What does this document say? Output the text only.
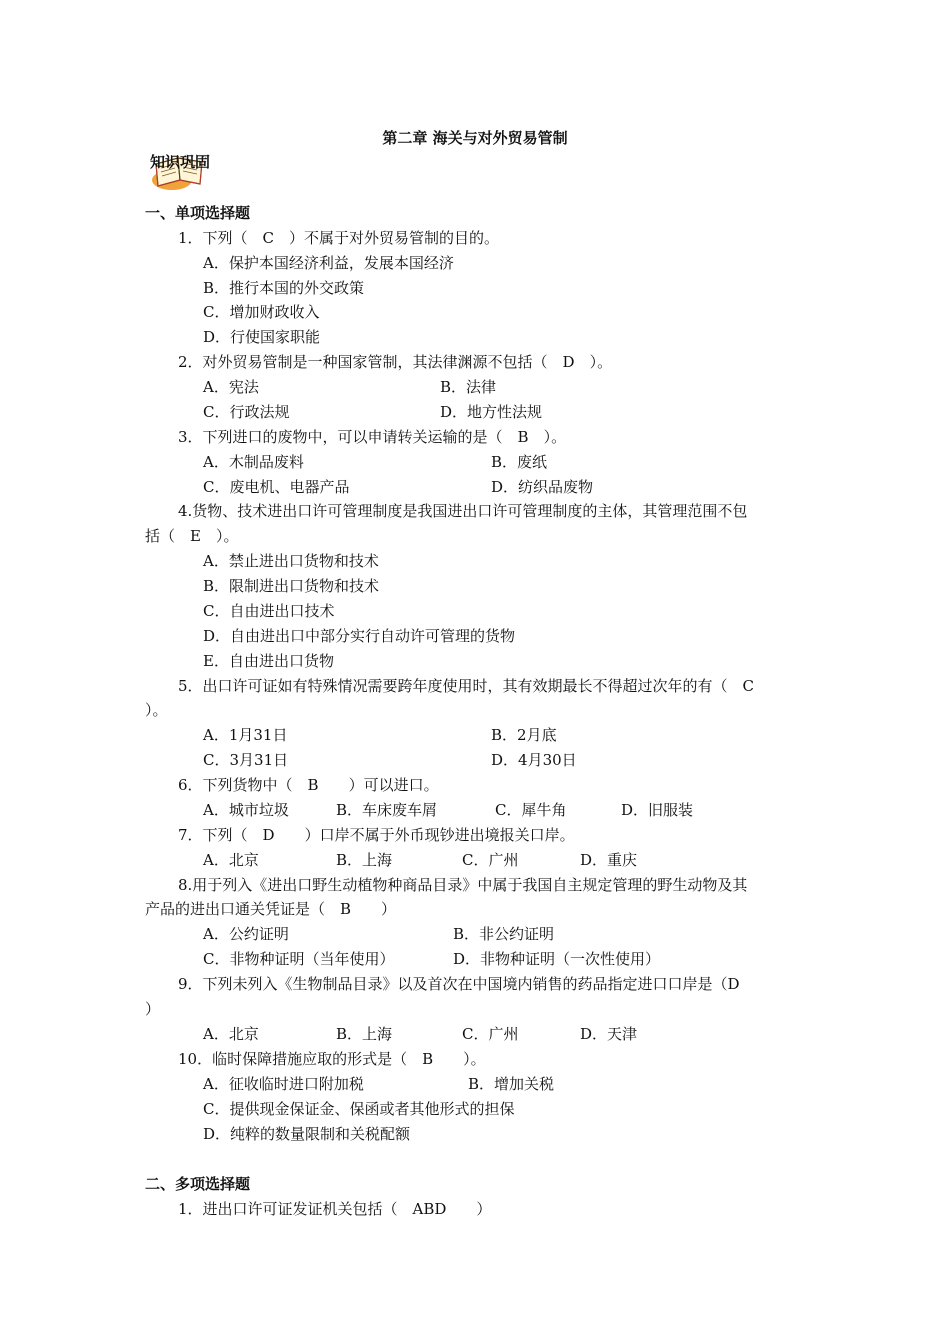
第二章 海关与对外贸易管制
知识巩固
一、单项选择题
1．下列（　C　）不属于对外贸易管制的目的。
A．保护本国经济利益，发展本国经济
B．推行本国的外交政策
C．增加财政收入
D．行使国家职能
2．对外贸易管制是一种国家管制，其法律渊源不包括（　D　）。
A．宪法	B．法律
C．行政法规	D．地方性法规
3．下列进口的废物中，可以申请转关运输的是（　B　）。
A．木制品废料	B．废纸
C．废电机、电器产品	D．纺织品废物
4.货物、技术进出口许可管理制度是我国进出口许可管理制度的主体，其管理范围不包
括（　E　）。
A．禁止进出口货物和技术
B．限制进出口货物和技术
C．自由进出口技术
D．自由进出口中部分实行自动许可管理的货物
E．自由进出口货物
5．出口许可证如有特殊情况需要跨年度使用时，其有效期最长不得超过次年的有（　C
）。
A．1月31日	B．2月底
C．3月31日	D．4月30日
6．下列货物中（　B　　）可以进口。
A．城市垃圾	B．车床废车屑	C．犀牛角	D．旧服装
7．下列（　D　　）口岸不属于外币现钞进出境报关口岸。
A．北京	B．上海	C．广州	D．重庆
8.用于列入《进出口野生动植物种商品目录》中属于我国自主规定管理的野生动物及其
产品的进出口通关凭证是（　B　　）
A．公约证明	B．非公约证明
C．非物种证明（当年使用）	D．非物种证明（一次性使用）
9．下列未列入《生物制品目录》以及首次在中国境内销售的药品指定进口口岸是（D
）
A．北京	B．上海	C．广州	D．天津
10．临时保障措施应取的形式是（　B　　）。
A．征收临时进口附加税	B．增加关税
C．提供现金保证金、保函或者其他形式的担保
D．纯粹的数量限制和关税配额
二、多项选择题
1．进出口许可证发证机关包括（　ABD　　）
